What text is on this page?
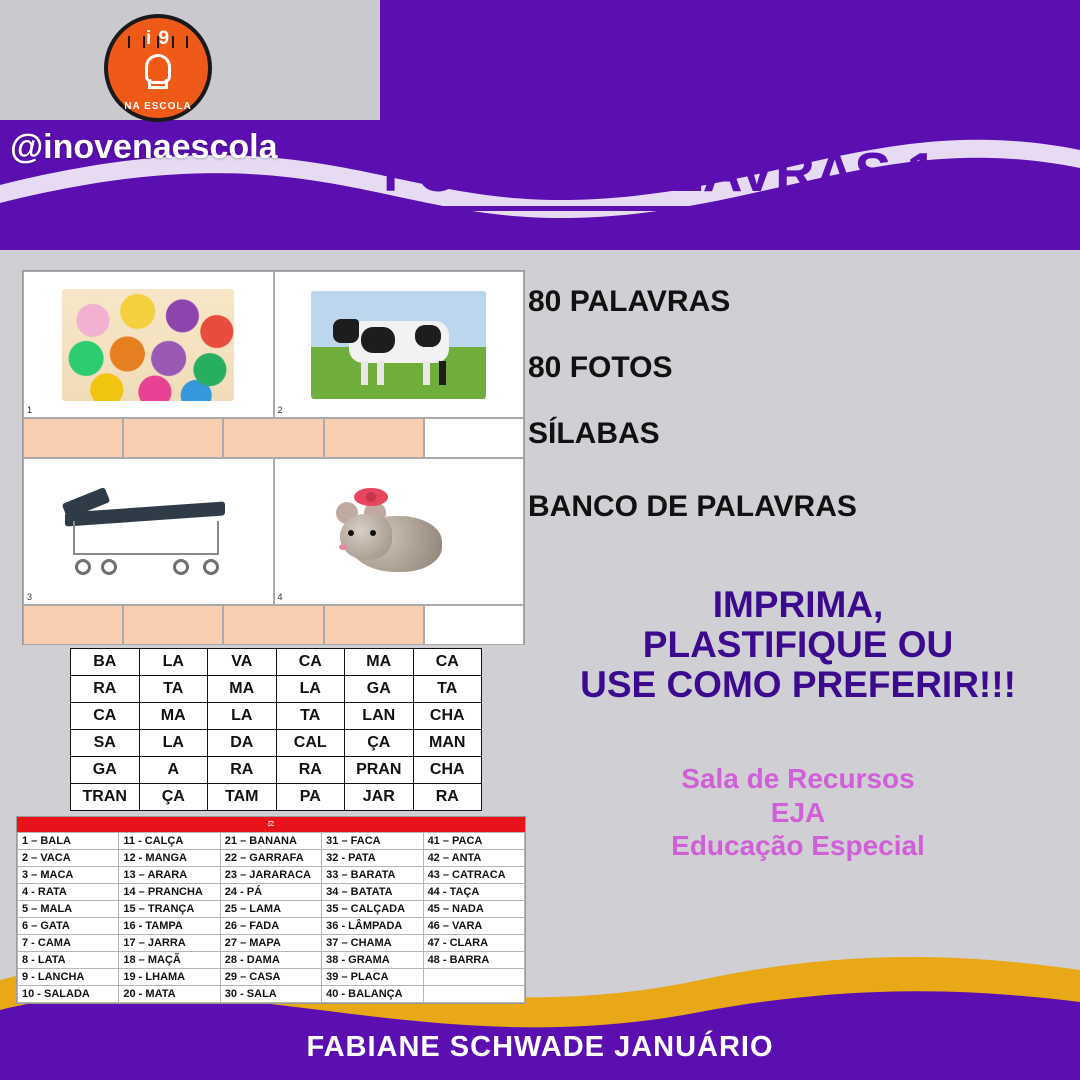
i 9
NA ESCOLA
@inovenaescola FORME PALAVRAS 1
1	2
3	4
BA	LA	VA	CA	MA	CA
RA	TA	MA	LA	GA	TA
CA	MA	LA	TA	LAN	CHA
SA	LA	DA	CAL	ÇA	MAN
GA	A	RA	RA	PRAN	CHA
TRAN	ÇA	TAM	PA	JAR	RA
⚖
1 – BALA	11 - CALÇA	21 – BANANA	31 – FACA	41 – PACA
2 – VACA	12 - MANGA	22 – GARRAFA	32 - PATA	42 – ANTA
3 – MACA	13 – ARARA	23 – JARARACA	33 – BARATA	43 – CATRACA
4 - RATA	14 – PRANCHA	24 - PÁ	34 – BATATA	44 - TAÇA
5 – MALA	15 – TRANÇA	25 – LAMA	35 – CALÇADA	45 – NADA
6 – GATA	16 - TAMPA	26 – FADA	36 - LÂMPADA	46 – VARA
7 - CAMA	17 – JARRA	27 – MAPA	37 – CHAMA	47 - CLARA
8 - LATA	18 – MAÇÃ	28 - DAMA	38 - GRAMA	48 - BARRA
9 - LANCHA	19 - LHAMA	29 – CASA	39 – PLACA	
10 - SALADA	20 - MATA	30 - SALA	40 - BALANÇA	
80 PALAVRAS
80 FOTOS
SÍLABAS
BANCO DE PALAVRAS
IMPRIMA,
PLASTIFIQUE OU
USE COMO PREFERIR!!!
Sala de Recursos
EJA
Educação Especial
FABIANE SCHWADE JANUÁRIO
